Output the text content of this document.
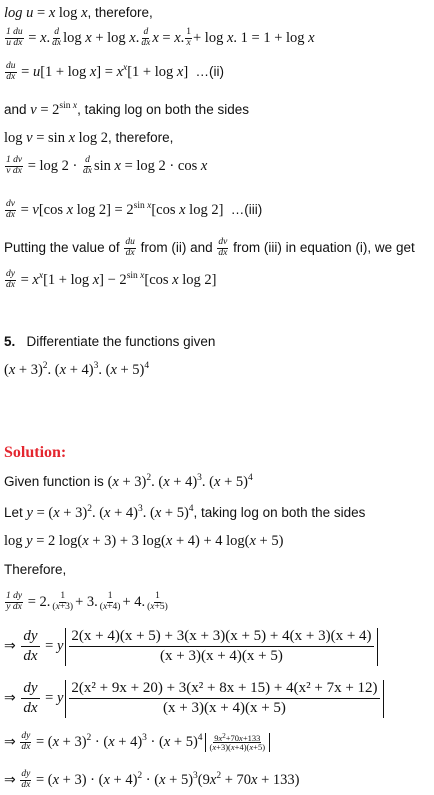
log u = x log x, therefore,
$\frac{1 du}{\text{u dx}} = x$. $\frac{d}{dx}$ log x + log x. $\frac{d}{dx}$ x = x. $\frac{1}{x} + \log x$. 1 = 1 + log x
$\frac{du}{dx} = u[1 + \log x] = x^x[1 + \log x]$  …(ii)
and $v = 2^{sin x}$, taking log on both the sides
log v = sin x log 2, therefore,
$\frac{1 dv}{\text{v dx}} = \log 2 \cdot \frac{d}{dx}$ sin x = log 2 · cos x
$\frac{dv}{dx} = v[\cos$ x $\log 2] = 2^{sin x}[\cos$ x log 2]  …(iii)
Putting the value of $\frac{du}{dx}$ from (ii) and $\frac{dv}{dx}$ from (iii) in equation (i), we get
$\frac{dy}{dx} = x^x[1 + \log x] - 2^{sin x}[\cos$ x log 2]
5. Differentiate the functions given
$(x + 3)^2$. $(x + 4)^3$. $(x + 5)^4$
Solution:
Given function is $(x + 3)^2$. $(x + 4)^3$. $(x + 5)^4$
Let $y = (x + 3)^2$. $(x + 4)^3$. $(x + 5)^4$, taking log on both the sides
log y = 2 log(x + 3) + 3 log(x + 4) + 4 log(x + 5)
Therefore,
$\frac{1 dy}{\text{y dx}} = 2$. $\frac{1}{(x+3)} + 3$. $\frac{1}{(x+4)} + 4$. $\frac{1}{(x+5)}$
⇒ $\frac{dy}{dx} = y \frac{2(x + 4)(x + 5) + 3(x + 3)(x + 5) + 4(x + 3)(x + 4)}{(x + 3)(x + 4)(x + 5)}$
⇒ $\frac{dy}{dx} = y \frac{\text{2(x² + 9x + 20) + 3(x² + 8x + 15) + 4(x² + 7x + 12)}}{(x + 3)(x + 4)(x + 5)}$
⇒ $\frac{dy}{dx} = (x + 3)^2 \cdot (x + 4)^3 \cdot (x + 5)^4 \frac{9x^2+70x+133}{(x+3)(x+4)(x+5)}$
⇒ $\frac{dy}{dx} = (x + 3) \cdot (x + 4)^2 \cdot (x + 5)^3(9x^2 + 70x + 133)$
